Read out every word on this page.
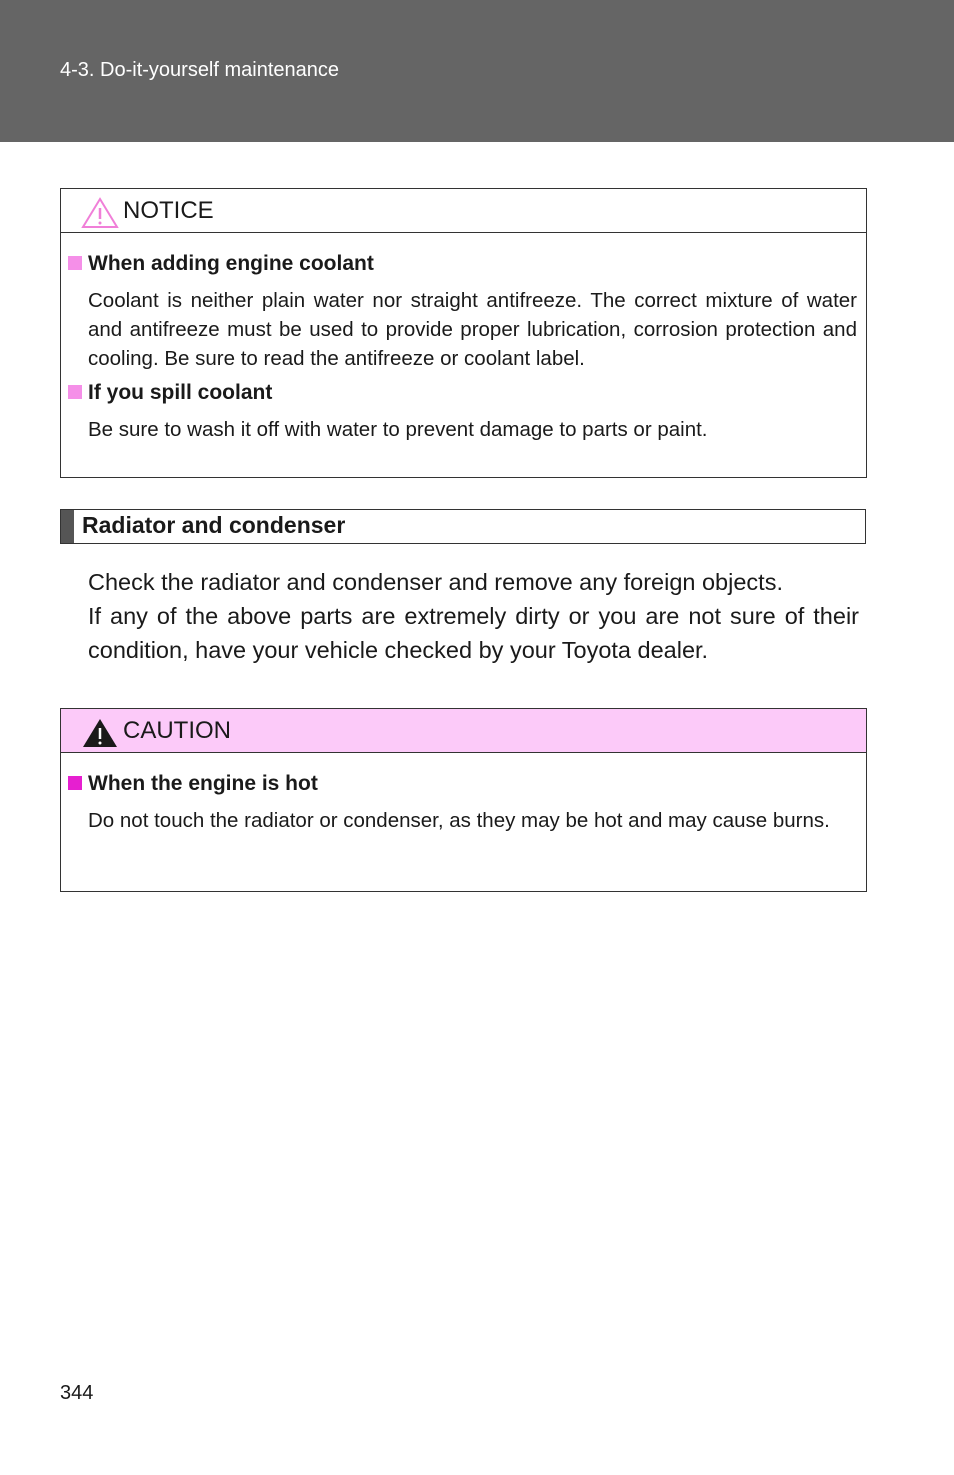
4-3. Do-it-yourself maintenance
NOTICE
When adding engine coolant
Coolant is neither plain water nor straight antifreeze. The correct mixture of water and antifreeze must be used to provide proper lubrication, corrosion protection and cooling. Be sure to read the antifreeze or coolant label.
If you spill coolant
Be sure to wash it off with water to prevent damage to parts or paint.
Radiator and condenser
Check the radiator and condenser and remove any foreign objects.
If any of the above parts are extremely dirty or you are not sure of their condition, have your vehicle checked by your Toyota dealer.
CAUTION
When the engine is hot
Do not touch the radiator or condenser, as they may be hot and may cause burns.
344
